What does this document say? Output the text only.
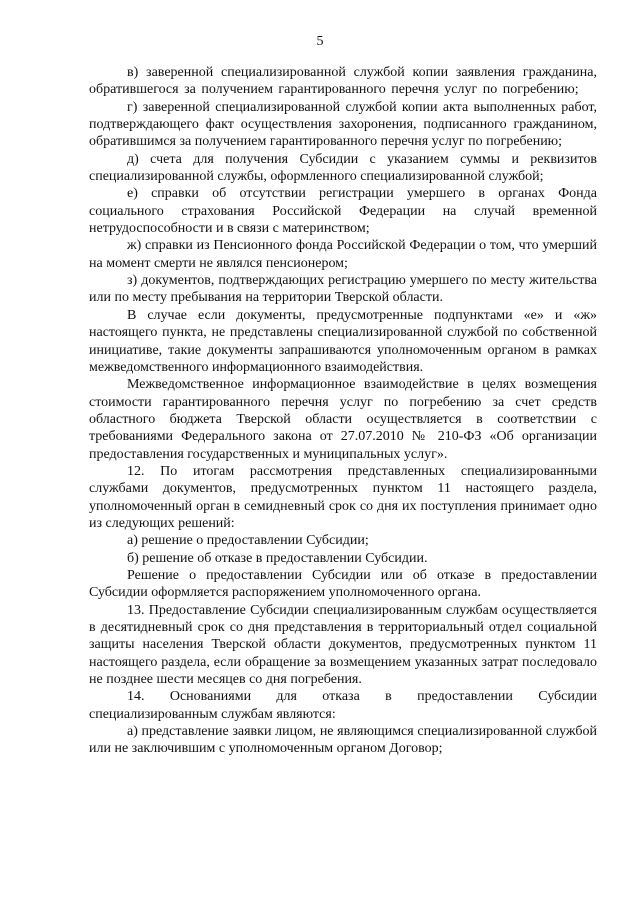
5

в) заверенной специализированной службой копии заявления гражданина, обратившегося за получением гарантированного перечня услуг по погребению;

г) заверенной специализированной службой копии акта выполненных работ, подтверждающего факт осуществления захоронения, подписанного гражданином, обратившимся за получением гарантированного перечня услуг по погребению;

д) счета для получения Субсидии с указанием суммы и реквизитов специализированной службы, оформленного специализированной службой;

е) справки об отсутствии регистрации умершего в органах Фонда социального страхования Российской Федерации на случай временной нетрудоспособности и в связи с материнством;

ж) справки из Пенсионного фонда Российской Федерации о том, что умерший на момент смерти не являлся пенсионером;

з) документов, подтверждающих регистрацию умершего по месту жительства или по месту пребывания на территории Тверской области.

В случае если документы, предусмотренные подпунктами «е» и «ж» настоящего пункта, не представлены специализированной службой по собственной инициативе, такие документы запрашиваются уполномоченным органом в рамках межведомственного информационного взаимодействия.

Межведомственное информационное взаимодействие в целях возмещения стоимости гарантированного перечня услуг по погребению за счет средств областного бюджета Тверской области осуществляется в соответствии с требованиями Федерального закона от 27.07.2010 № 210-ФЗ «Об организации предоставления государственных и муниципальных услуг».

12. По итогам рассмотрения представленных специализированными службами документов, предусмотренных пунктом 11 настоящего раздела, уполномоченный орган в семидневный срок со дня их поступления принимает одно из следующих решений:

а) решение о предоставлении Субсидии;

б) решение об отказе в предоставлении Субсидии.

Решение о предоставлении Субсидии или об отказе в предоставлении Субсидии оформляется распоряжением уполномоченного органа.

13. Предоставление Субсидии специализированным службам осуществляется в десятидневный срок со дня представления в территориальный отдел социальной защиты населения Тверской области документов, предусмотренных пунктом 11 настоящего раздела, если обращение за возмещением указанных затрат последовало не позднее шести месяцев со дня погребения.

14. Основаниями для отказа в предоставлении Субсидии специализированным службам являются:

а) представление заявки лицом, не являющимся специализированной службой или не заключившим с уполномоченным органом Договор;
